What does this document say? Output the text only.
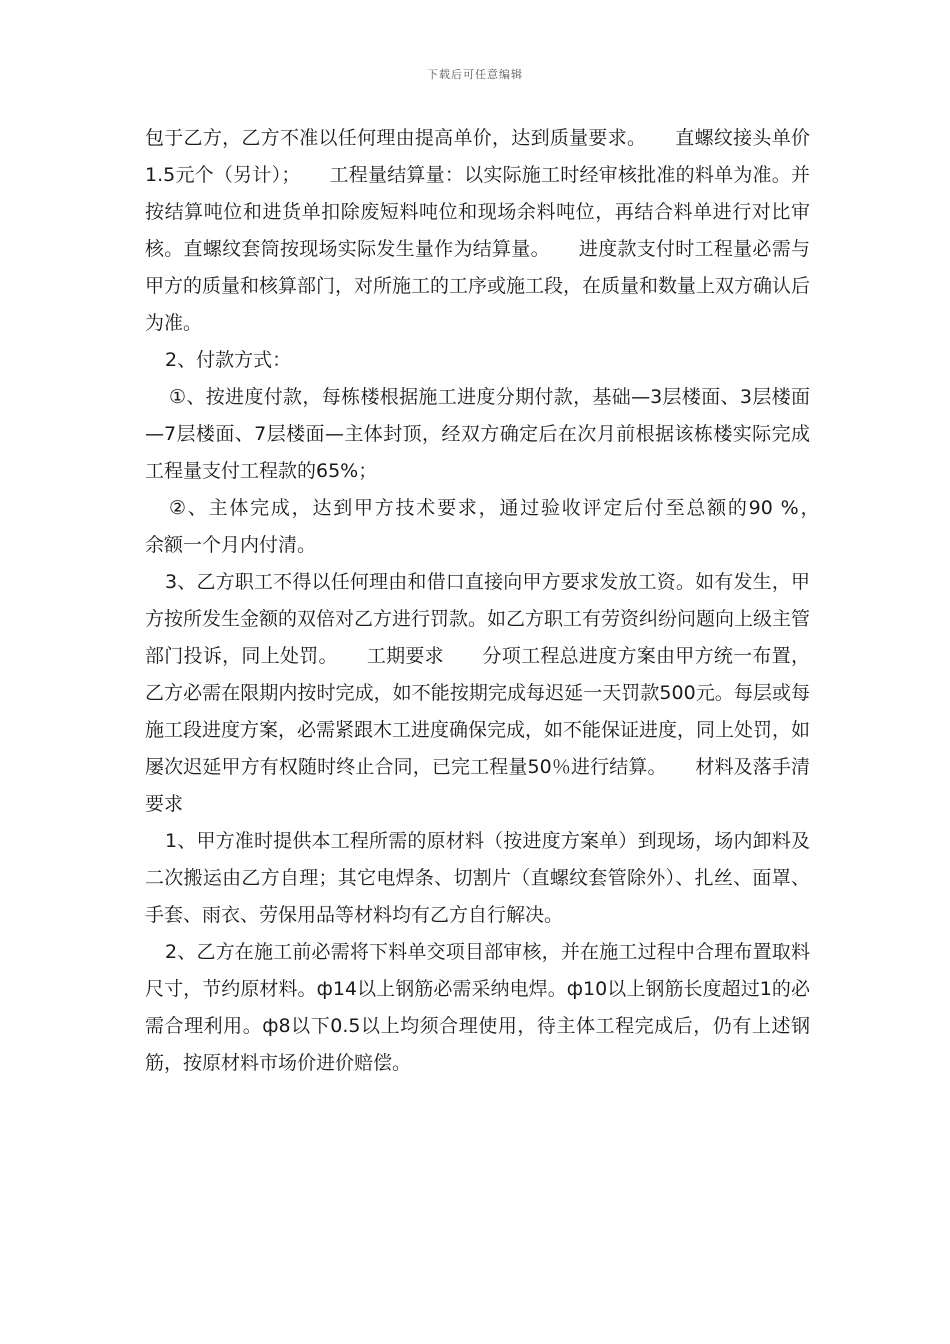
下载后可任意编辑

包于乙方，乙方不准以任何理由提高单价，达到质量要求。　　直螺纹接头单价1.5元个（另计）；　　工程量结算量：以实际施工时经审核批准的料单为准。并按结算吨位和进货单扣除废短料吨位和现场余料吨位，再结合料单进行对比审核。直螺纹套筒按现场实际发生量作为结算量。　　进度款支付时工程量必需与甲方的质量和核算部门，对所施工的工序或施工段，在质量和数量上双方确认后为准。

2、付款方式：

①、按进度付款，每栋楼根据施工进度分期付款，基础—3层楼面、3层楼面—7层楼面、7层楼面—主体封顶，经双方确定后在次月前根据该栋楼实际完成工程量支付工程款的65%；

②、主体完成，达到甲方技术要求，通过验收评定后付至总额的90 %，　　余额一个月内付清。

3、乙方职工不得以任何理由和借口直接向甲方要求发放工资。如有发生，甲方按所发生金额的双倍对乙方进行罚款。如乙方职工有劳资纠纷问题向上级主管部门投诉，同上处罚。　　工期要求　　分项工程总进度方案由甲方统一布置，乙方必需在限期内按时完成，如不能按期完成每迟延一天罚款500元。每层或每施工段进度方案，必需紧跟木工进度确保完成，如不能保证进度，同上处罚，如屡次迟延甲方有权随时终止合同，已完工程量50％进行结算。　　材料及落手清要求

1、甲方准时提供本工程所需的原材料（按进度方案单）到现场，场内卸料及二次搬运由乙方自理；其它电焊条、切割片（直螺纹套管除外）、扎丝、面罩、手套、雨衣、劳保用品等材料均有乙方自行解决。

2、乙方在施工前必需将下料单交项目部审核，并在施工过程中合理布置取料尺寸，节约原材料。ф14以上钢筋必需采纳电焊。ф10以上钢筋长度超过1的必需合理利用。ф8以下0.5以上均须合理使用，待主体工程完成后，仍有上述钢筋，按原材料市场价进价赔偿。
